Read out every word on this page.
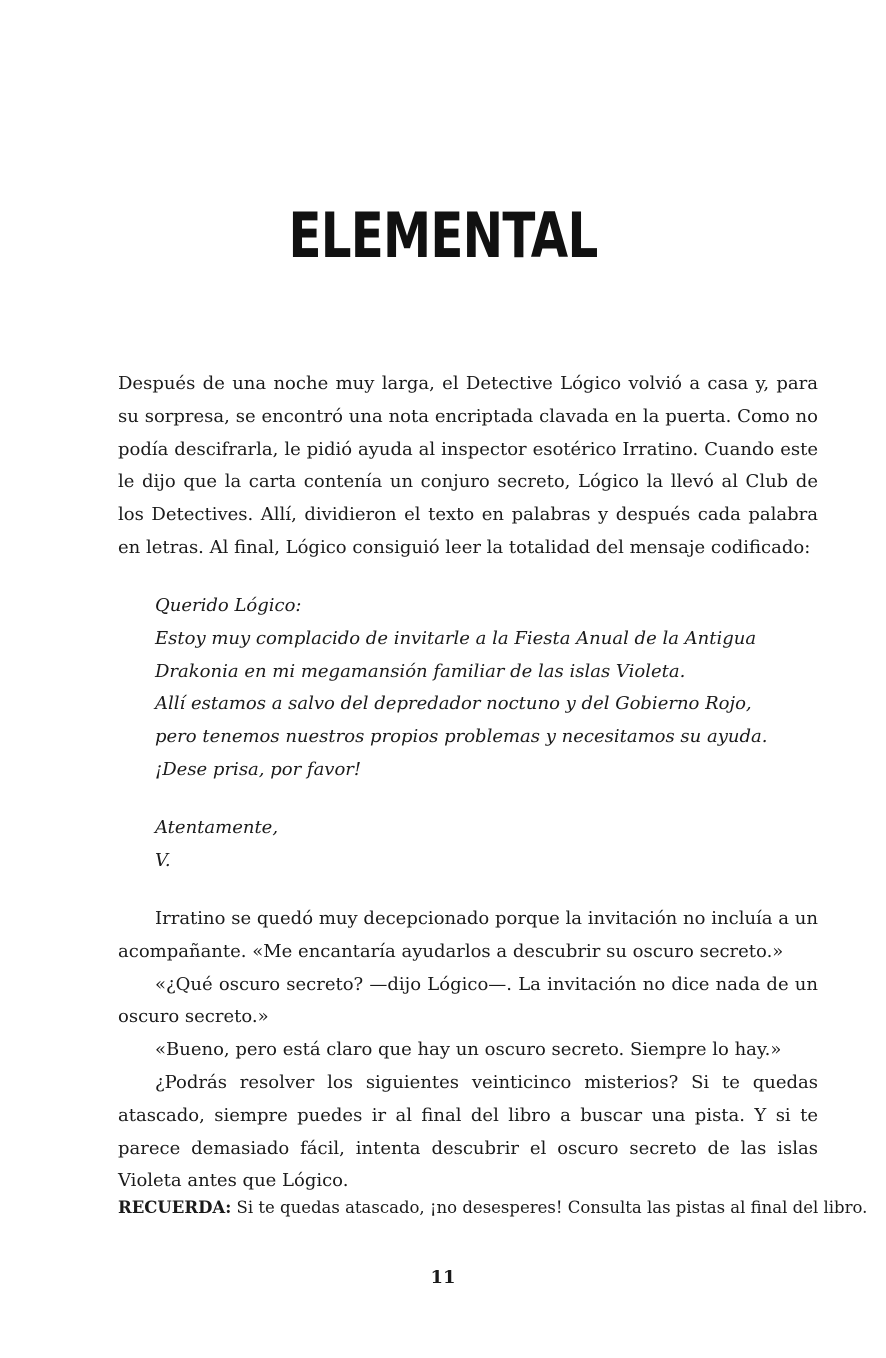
ELEMENTAL

Después de una noche muy larga, el Detective Lógico volvió a casa y, para su sorpresa, se encontró una nota encriptada clavada en la puerta. Como no podía descifrarla, le pidió ayuda al inspector esotérico Irratino. Cuando este le dijo que la carta contenía un conjuro secreto, Lógico la llevó al Club de los Detectives. Allí, dividieron el texto en palabras y después cada palabra en letras. Al final, Lógico consiguió leer la totalidad del mensaje codificado:

Querido Lógico:

Estoy muy complacido de invitarle a la Fiesta Anual de la Antigua Drakonia en mi megamansión familiar de las islas Violeta.

Allí estamos a salvo del depredador noctuno y del Gobierno Rojo, pero tenemos nuestros propios problemas y necesitamos su ayuda. ¡Dese prisa, por favor!

Atentamente,

V.

Irratino se quedó muy decepcionado porque la invitación no incluía a un acompañante. «Me encantaría ayudarlos a descubrir su oscuro secreto.»

«¿Qué oscuro secreto? —dijo Lógico—. La invitación no dice nada de un oscuro secreto.»

«Bueno, pero está claro que hay un oscuro secreto. Siempre lo hay.»

¿Podrás resolver los siguientes veinticinco misterios? Si te quedas atascado, siempre puedes ir al final del libro a buscar una pista. Y si te parece demasiado fácil, intenta descubrir el oscuro secreto de las islas Violeta antes que Lógico.

RECUERDA: Si te quedas atascado, ¡no desesperes! Consulta las pistas al final del libro.

11
